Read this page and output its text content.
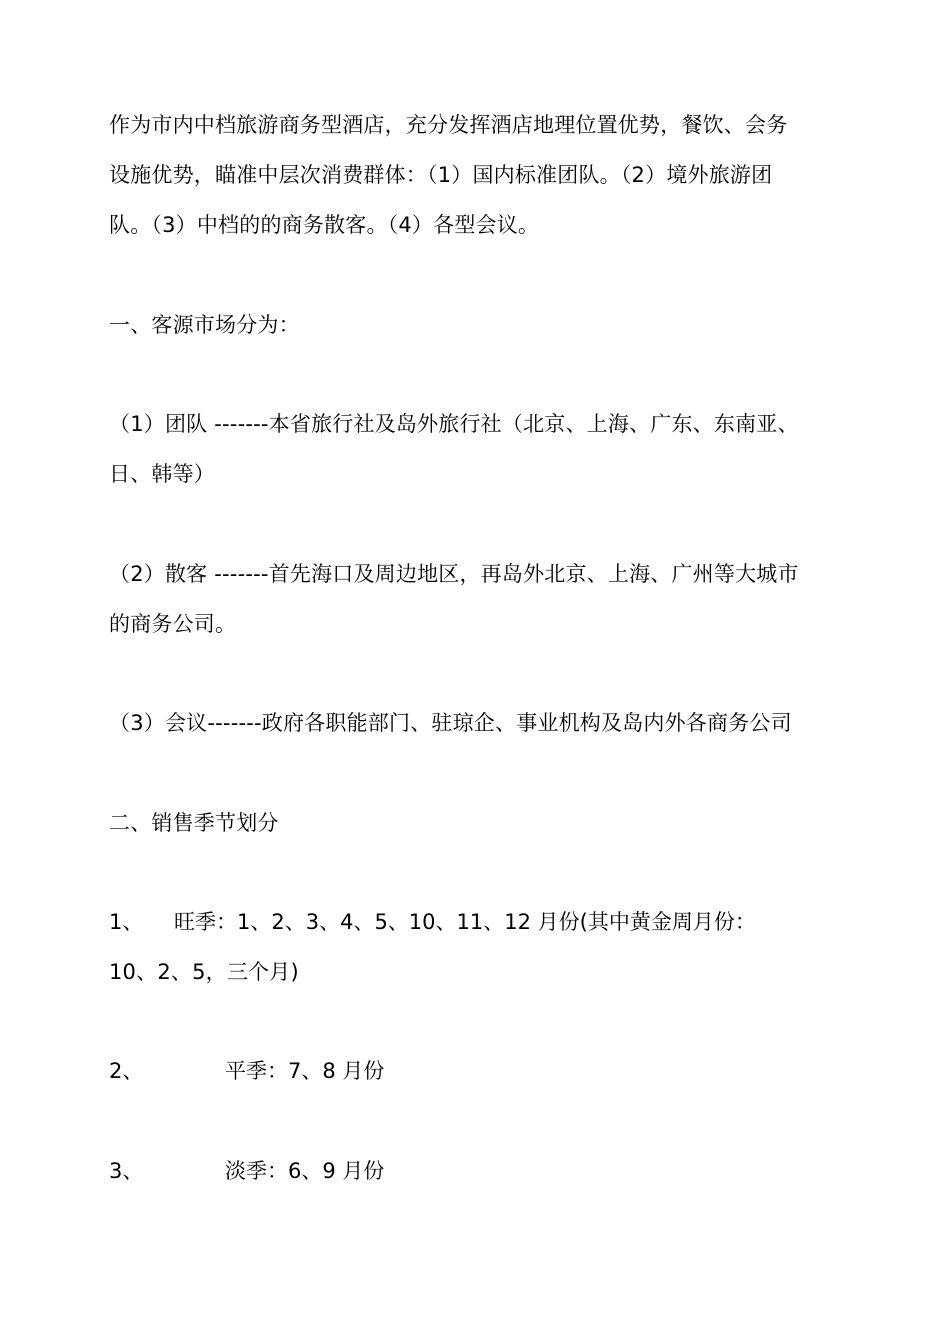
作为市内中档旅游商务型酒店，充分发挥酒店地理位置优势，餐饮、会务
设施优势，瞄准中层次消费群体：（1）国内标准团队。（2）境外旅游团
队。（3）中档的的商务散客。（4）各型会议。
一、客源市场分为：
（1）团队 -------本省旅行社及岛外旅行社（北京、上海、广东、东南亚、
日、韩等）
（2）散客 -------首先海口及周边地区，再岛外北京、上海、广州等大城市
的商务公司。
（3）会议-------政府各职能部门、驻琼企、事业机构及岛内外各商务公司
二、销售季节划分
1、 旺季：1、2、3、4、5、10、11、12 月份(其中黄金周月份：
10、2、5，三个月)
2、	平季：7、8 月份
3、	淡季：6、9 月份
